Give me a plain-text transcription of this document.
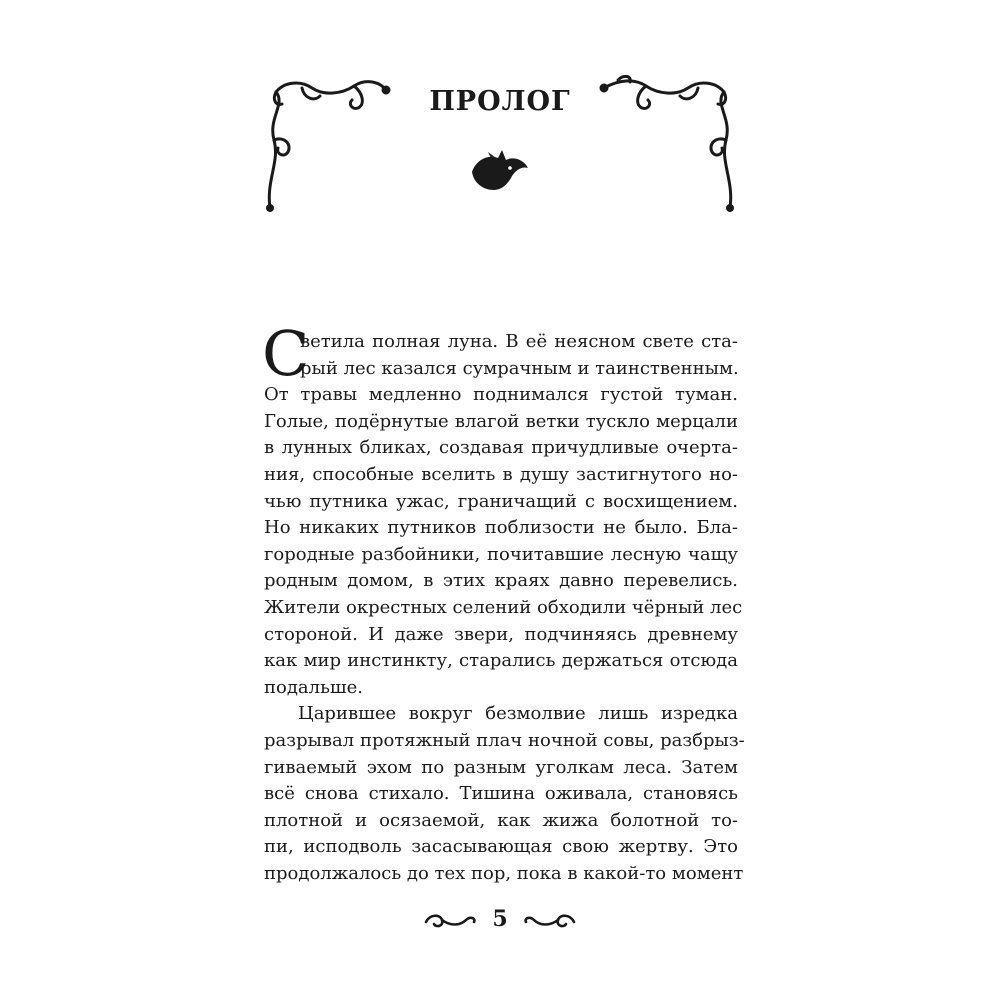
ПРОЛОГ
С
ветила полная луна. В её неясном свете ста-
рый лес казался сумрачным и таинственным.
От травы медленно поднимался густой туман.
Голые, подёрнутые влагой ветки тускло мерцали
в лунных бликах, создавая причудливые очерта-
ния, способные вселить в душу застигнутого но-
чью путника ужас, граничащий с восхищением.
Но никаких путников поблизости не было. Бла-
городные разбойники, почитавшие лесную чащу
родным домом, в этих краях давно перевелись.
Жители окрестных селений обходили чёрный лес
стороной. И даже звери, подчиняясь древнему
как мир инстинкту, старались держаться отсюда
подальше.
Царившее вокруг безмолвие лишь изредка
разрывал протяжный плач ночной совы, разбрыз-
гиваемый эхом по разным уголкам леса. Затем
всё снова стихало. Тишина оживала, становясь
плотной и осязаемой, как жижа болотной то-
пи, исподволь засасывающая свою жертву. Это
продолжалось до тех пор, пока в какой-то момент
5
